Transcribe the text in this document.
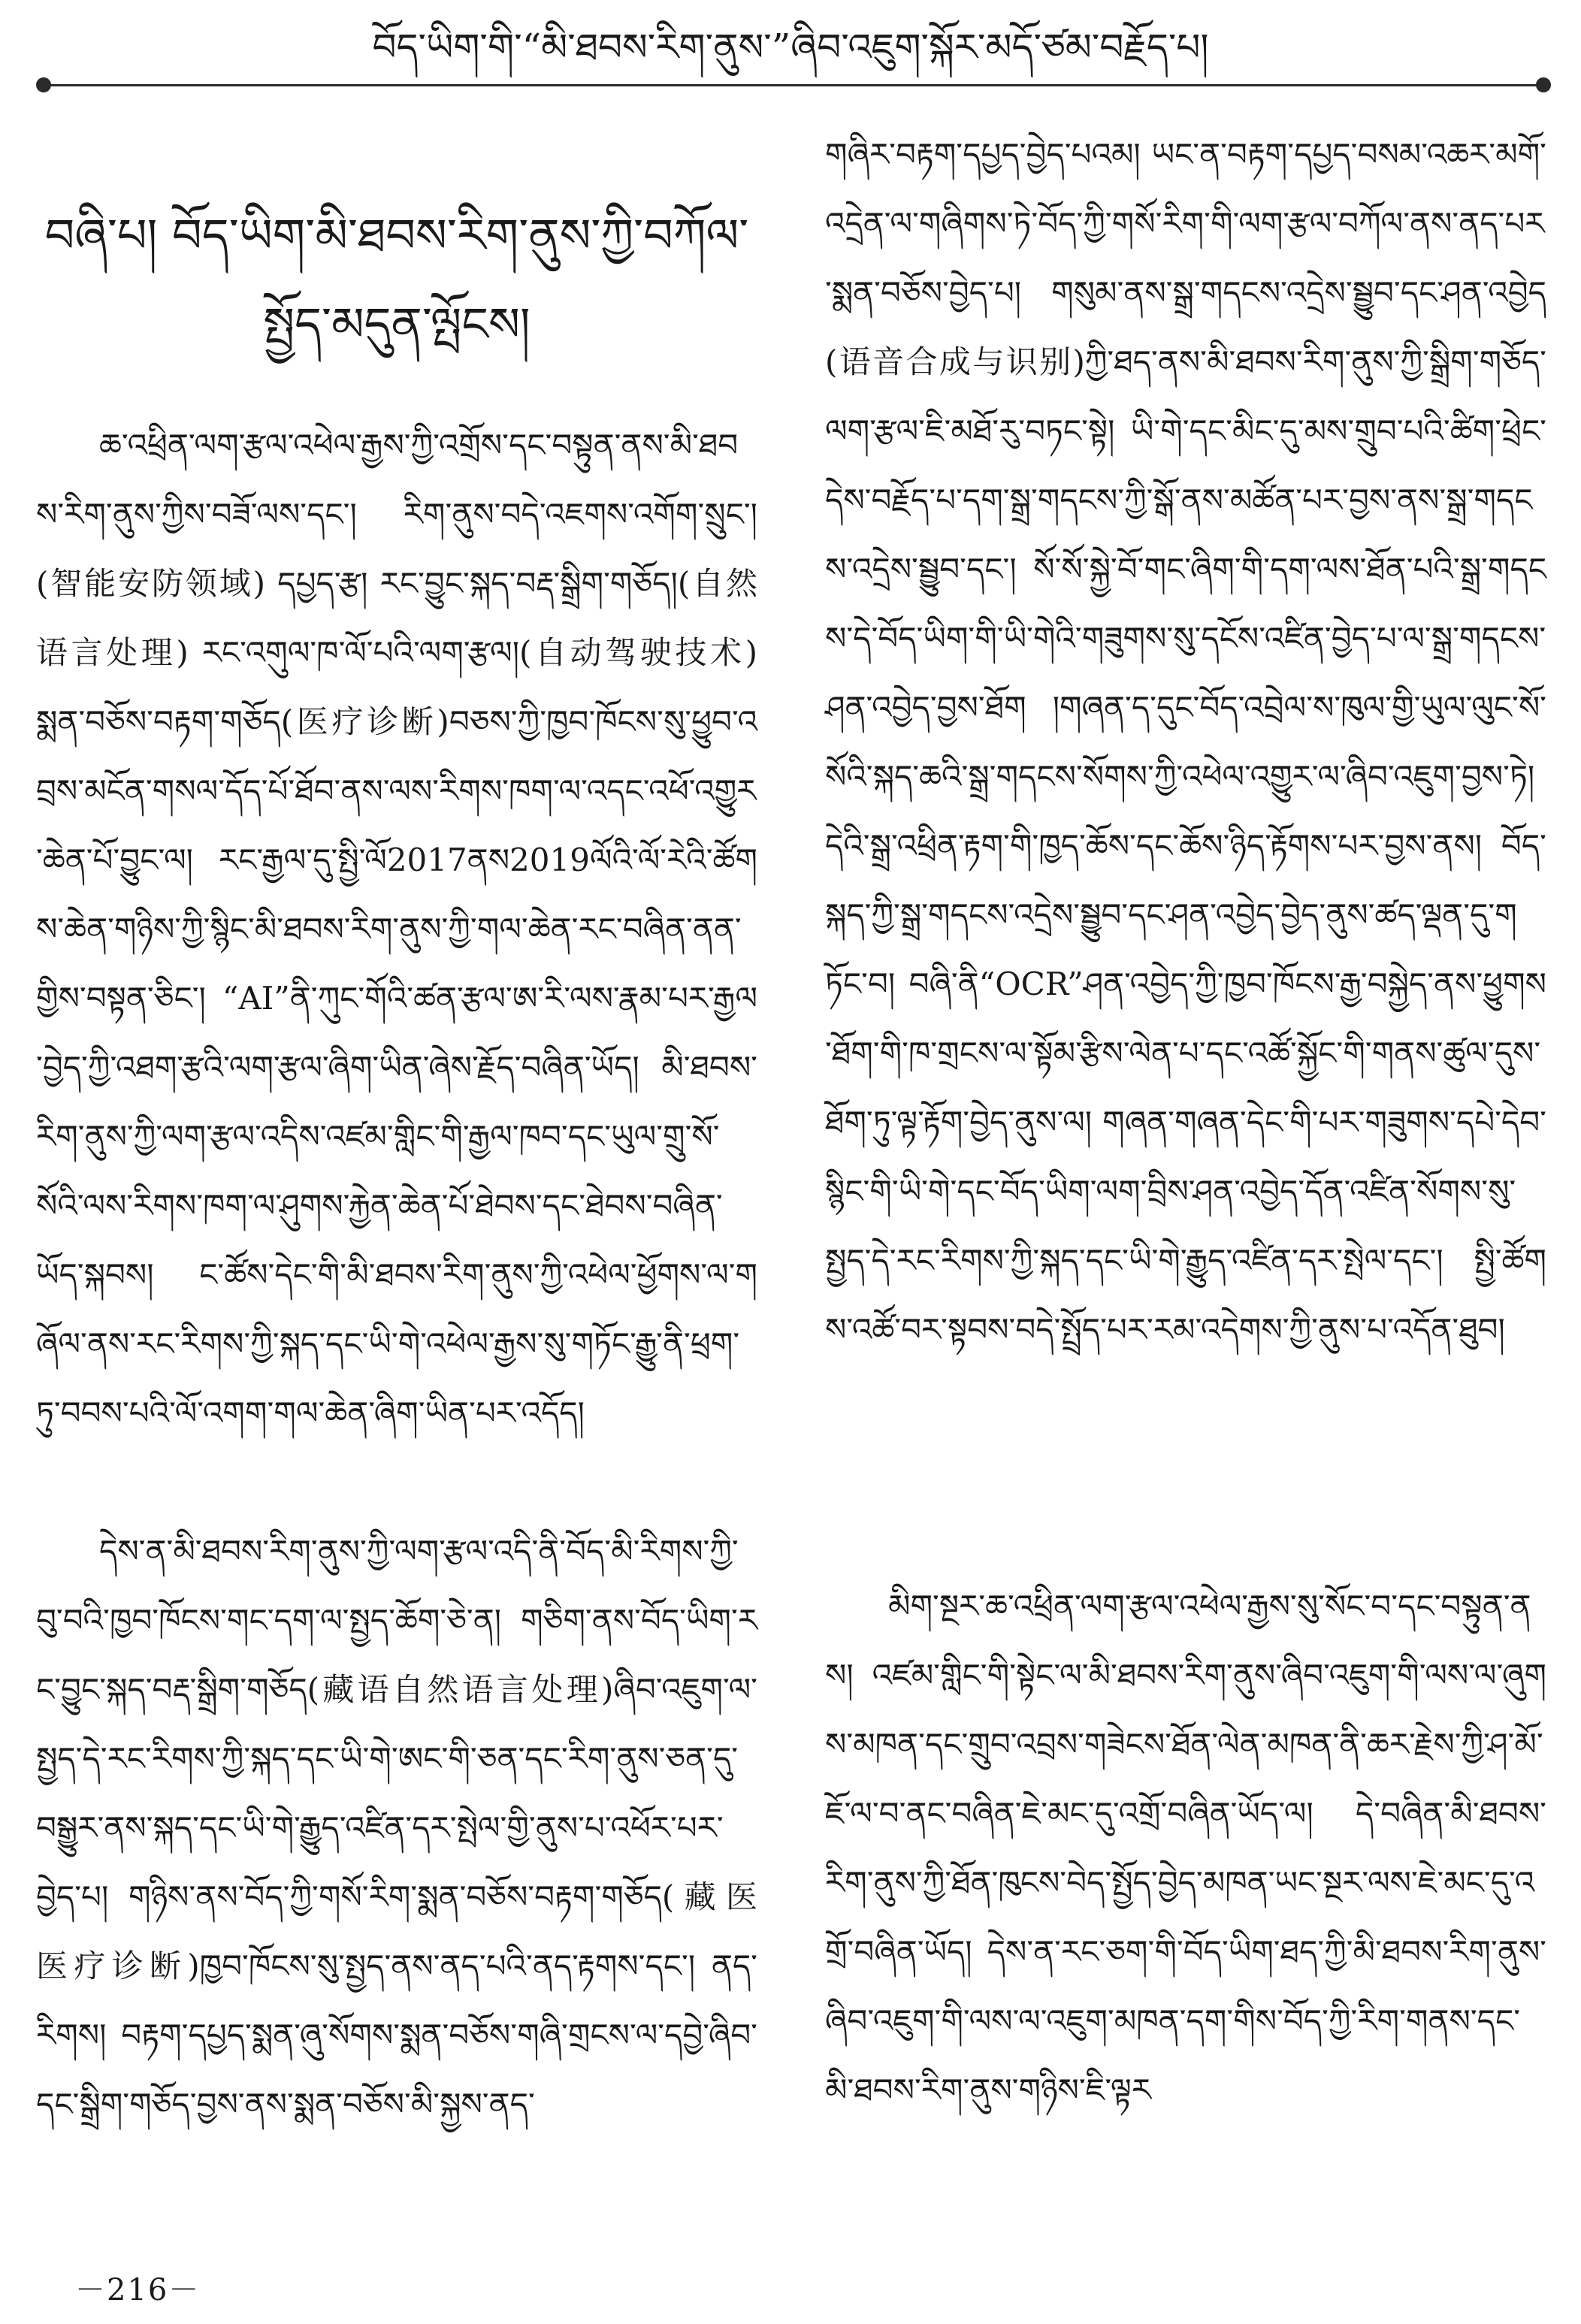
བོད་ཡིག་གི་“མི་ཐབས་རིག་ནུས་”ཞིབ་འཇུག་སྐོར་མདོ་ཙམ་བརྗོད་པ།
བཞི་པ། བོད་ཡིག་མི་ཐབས་རིག་ནུས་ཀྱི་བཀོལ་སྤྱོད་མདུན་ལྤོངས།

ཆ་འཕྲིན་ལག་རྩལ་འཕེལ་རྒྱས་ཀྱི་འགྲོས་དང་བསྟུན་ནས་མི་ཐབས་རིག་ནུས་ཀྱིས་བཟོ་ལས་དང་། རིག་ནུས་བདེ་འཇགས་འགོག་སྲུང་།(智能安防领域) དཔྱད་རྩ། རང་བྱུང་སྐད་བརྡ་སྒྲིག་གཅོད།(自然语言处理) རང་འགུལ་ཁ་ལོ་པའི་ལག་རྩལ།(自动驾驶技术) སྨན་བཅོས་བརྟག་གཅོད(医疗诊断)བཅས་ཀྱི་ཁྱབ་ཁོངས་སུ་ཕྱུབ་འབྲས་མངོན་གསལ་དོད་པོ་ཐོབ་ནས་ལས་རིགས་ཁག་ལ་འདང་འཕོ་འགྱུར་ཆེན་པོ་བྱུང་ལ། རང་རྒྱལ་དུ་སྤྱི་ལོ2017ནས2019ལོའི་ལོ་རེའི་ཚོགས་ཆེན་གཉིས་ཀྱི་སྙིང་མི་ཐབས་རིག་ནུས་ཀྱི་གལ་ཆེན་རང་བཞིན་ནན་གྱིས་བསྟན་ཅིང་། “AI”ནི་ཀུང་གོའི་ཚན་རྩལ་ཨ་རི་ལས་རྣམ་པར་རྒྱལ་བྱེད་ཀྱི་འཐག་རྩའི་ལག་རྩལ་ཞིག་ཡིན་ཞེས་རྗོད་བཞིན་ཡོད། མི་ཐབས་རིག་ནུས་ཀྱི་ལག་རྩལ་འདིས་འཛམ་གླིང་གི་རྒྱལ་ཁབ་དང་ཡུལ་གྲུ་སོ་སོའི་ལས་རིགས་ཁག་ལ་ཤུགས་རྐྱེན་ཆེན་པོ་ཐེབས་དང་ཐེབས་བཞིན་ཡོད་སྐབས། ང་ཚོས་དེང་གི་མི་ཐབས་རིག་ནུས་ཀྱི་འཕེལ་ཕྱོགས་ལ་གཞོལ་ནས་རང་རིགས་ཀྱི་སྐད་དང་ཡི་གེ་འཕེལ་རྒྱས་སུ་གཏོང་རྒྱུ་ནི་ཕྲག་ཏུ་བབས་པའི་ལོ་འགག་གལ་ཆེན་ཞིག་ཡིན་པར་འདོད།

དེས་ན་མི་ཐབས་རིག་ནུས་ཀྱི་ལག་རྩལ་འདི་ནི་བོད་མི་རིགས་ཀྱི་བུ་བའི་ཁྱབ་ཁོངས་གང་དག་ལ་སྤྱད་ཆོག་ཅེ་ན། གཅིག་ནས་བོད་ཡིག་རང་བྱུང་སྐད་བརྡ་སྒྲིག་གཅོད(藏语自然语言处理)ཞིབ་འཇུག་ལ་སྤྱད་དེ་རང་རིགས་ཀྱི་སྐད་དང་ཡི་གེ་ཨང་གི་ཅན་དང་རིག་ནུས་ཅན་དུ་བསྒྱུར་ནས་སྐད་དང་ཡི་གེ་རྒྱུད་འཛིན་དར་སྤེལ་གྱི་ནུས་པ་འཕོར་པར་བྱེད་པ། གཉིས་ནས་བོད་ཀྱི་གསོ་རིག་སྨན་བཅོས་བརྟག་གཅོད(藏医医疗诊断)ཁྱབ་ཁོངས་སུ་སྤྱད་ནས་ནད་པའི་ནད་རྟགས་དང་། ནད་རིགས། བརྟག་དཔྱད་སྨན་ཞུ་སོགས་སྨན་བཅོས་གཞི་གྲངས་ལ་དབྱེ་ཞིབ་དང་སྒྲིག་གཅོད་བྱས་ནས་སྨན་བཅོས་མི་སྐྱས་ནད་

གཞིར་བརྟག་དཔྱད་བྱེད་པའམ། ཡང་ན་བརྟག་དཔྱད་བསམ་འཆར་མགོ་འདྲེན་ལ་གཞིགས་ཏེ་བོད་ཀྱི་གསོ་རིག་གི་ལག་རྩལ་བཀོལ་ནས་ནད་པར་སྨན་བཅོས་བྱེད་པ། གསུམ་ནས་སྒྲ་གདངས་འདྲེས་སྦྱུབ་དང་ཤན་འབྱེད(语音合成与识别)ཀྱི་ཐད་ནས་མི་ཐབས་རིག་ནུས་ཀྱི་སྒྲིག་གཅོད་ལག་རྩལ་ཇི་མཐོ་རུ་བཏང་སྟེ། ཡི་གེ་དང་མིང་དུ་མས་གྲུབ་པའི་ཚིག་ཕྲེང་དེས་བརྗོད་པ་དག་སྒྲ་གདངས་ཀྱི་སྒོ་ནས་མཚོན་པར་བྱས་ནས་སྒྲ་གདངས་འདྲེས་སྦྱུབ་དང་། སོ་སོ་སྐྱེ་བོ་གང་ཞིག་གི་དག་ལས་ཐོན་པའི་སྒྲ་གདངས་དེ་བོད་ཡིག་གི་ཡི་གེའི་གཟུགས་སུ་དངོས་འཛིན་བྱེད་པ་ལ་སྒྲ་གདངས་ཤན་འབྱེད་བྱས་ཐོག །གཞན་ད་དུང་བོད་འབྲེལ་ས་ཁུལ་གྱི་ཡུལ་ལུང་སོ་སོའི་སྐད་ཆའི་སྒྲ་གདངས་སོགས་ཀྱི་འཕེལ་འགྱུར་ལ་ཞིབ་འཇུག་བྱས་ཏེ། དེའི་སྒྲ་འཕྲིན་རྟག་གི་ཁྱད་ཆོས་དང་ཆོས་ཉིད་རྟོགས་པར་བྱས་ནས། བོད་སྐད་ཀྱི་སྒྲ་གདངས་འདྲེས་སྦྱུབ་དང་ཤན་འབྱེད་བྱེད་ནུས་ཚད་ལྡན་དུ་གཏོང་བ། བཞི་ནི“OCR”ཤན་འབྱེད་ཀྱི་ཁྱབ་ཁོངས་རྒྱ་བསྐྱེད་ནས་ཕྱུགས་ཐོག་གི་ཁ་གྲངས་ལ་སྟོམ་རྩིས་ལེན་པ་དང་འཚོ་སྐྱོང་གི་གནས་ཚུལ་དུས་ཐོག་ཏུ་ལྟ་རྟོག་བྱེད་ནུས་ལ། གཞན་གཞན་དེང་གི་པར་གཟུགས་དཔེ་དེབ་སྙིང་གི་ཡི་གེ་དང་བོད་ཡིག་ལག་བྲིས་ཤན་འབྱེད་དོན་འཛིན་སོགས་སུ་སྤྱད་དེ་རང་རིགས་ཀྱི་སྐད་དང་ཡི་གེ་རྒྱུད་འཛིན་དར་སྤེལ་དང་། སྤྱི་ཚོགས་འཚོ་བར་སྟབས་བདེ་སྤྲོད་པར་རམ་འདེགས་ཀྱི་ནུས་པ་འདོན་ཐུབ།

མིག་སྔར་ཆ་འཕྲིན་ལག་རྩལ་འཕེལ་རྒྱས་སུ་སོང་བ་དང་བསྟུན་ནས། འཛམ་གླིང་གི་སྟེང་ལ་མི་ཐབས་རིག་ནུས་ཞིབ་འཇུག་གི་ལས་ལ་ཞུགས་མཁན་དང་གྲུབ་འབྲས་གཟེངས་ཐོན་ལེན་མཁན་ནི་ཆར་རྗེས་ཀྱི་ཤ་མོ་ཇོ་ལ་བ་ནང་བཞིན་ཇེ་མང་དུ་འགྲོ་བཞིན་ཡོད་ལ། དེ་བཞིན་མི་ཐབས་རིག་ནུས་ཀྱི་ཐོན་ཁུངས་བེད་སྤྱོད་བྱེད་མཁན་ཡང་སྔར་ལས་ཇེ་མང་དུ་འགྲོ་བཞིན་ཡོད། དེས་ན་རང་ཅག་གི་བོད་ཡིག་ཐད་ཀྱི་མི་ཐབས་རིག་ནུས་ཞིབ་འཇུག་གི་ལས་ལ་འཇུག་མཁན་དག་གིས་བོད་ཀྱི་རིག་གནས་དང་མི་ཐབས་རིག་ནུས་གཉིས་ཇི་ལྟར

－216－
